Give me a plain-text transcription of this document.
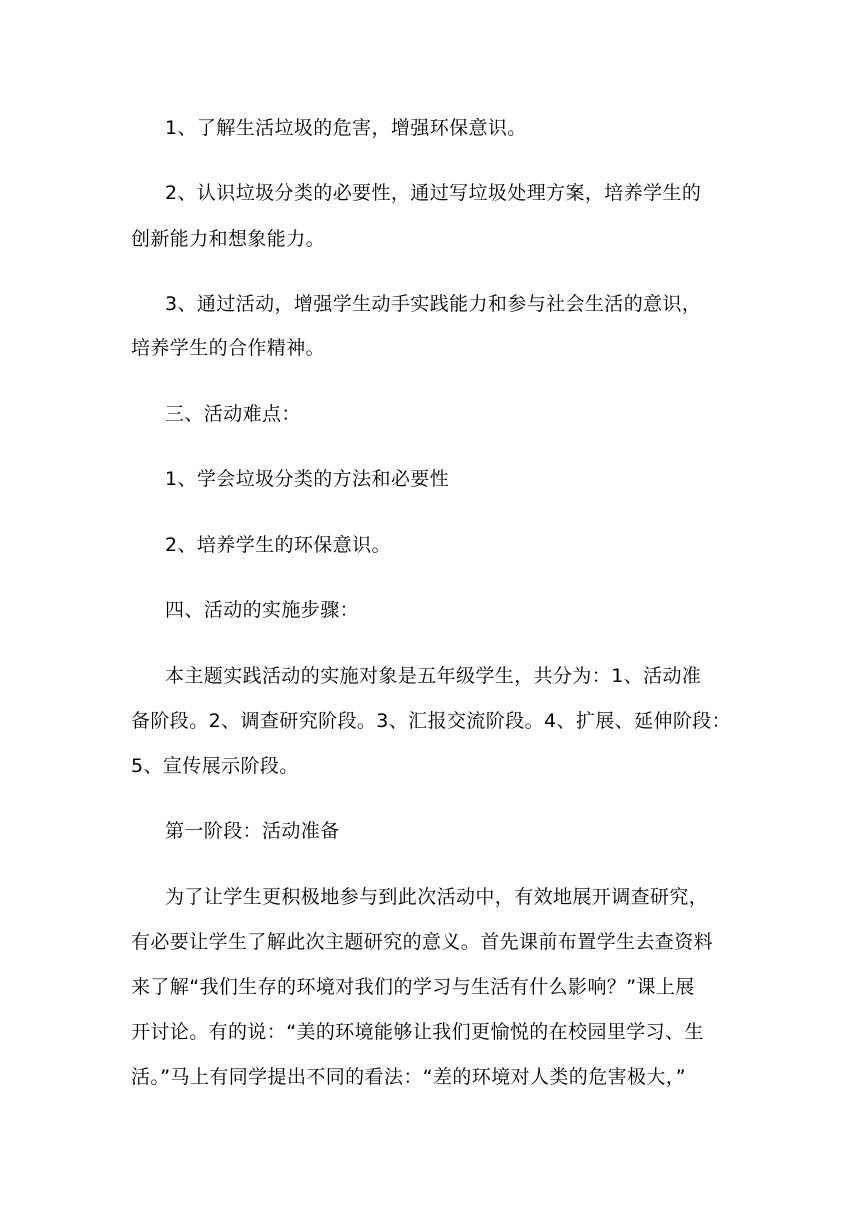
1、了解生活垃圾的危害，增强环保意识。
2、认识垃圾分类的必要性，通过写垃圾处理方案，培养学生的
创新能力和想象能力。
3、通过活动，增强学生动手实践能力和参与社会生活的意识，
培养学生的合作精神。
三、活动难点：
1、学会垃圾分类的方法和必要性
2、培养学生的环保意识。
四、活动的实施步骤：
本主题实践活动的实施对象是五年级学生，共分为：1、活动准
备阶段。2、调查研究阶段。3、汇报交流阶段。4、扩展、延伸阶段：
5、宣传展示阶段。
第一阶段：活动准备
为了让学生更积极地参与到此次活动中，有效地展开调查研究，
有必要让学生了解此次主题研究的意义。首先课前布置学生去查资料
来了解“我们生存的环境对我们的学习与生活有什么影响？”课上展
开讨论。有的说：“美的环境能够让我们更愉悦的在校园里学习、生
活。”马上有同学提出不同的看法：“差的环境对人类的危害极大，”
